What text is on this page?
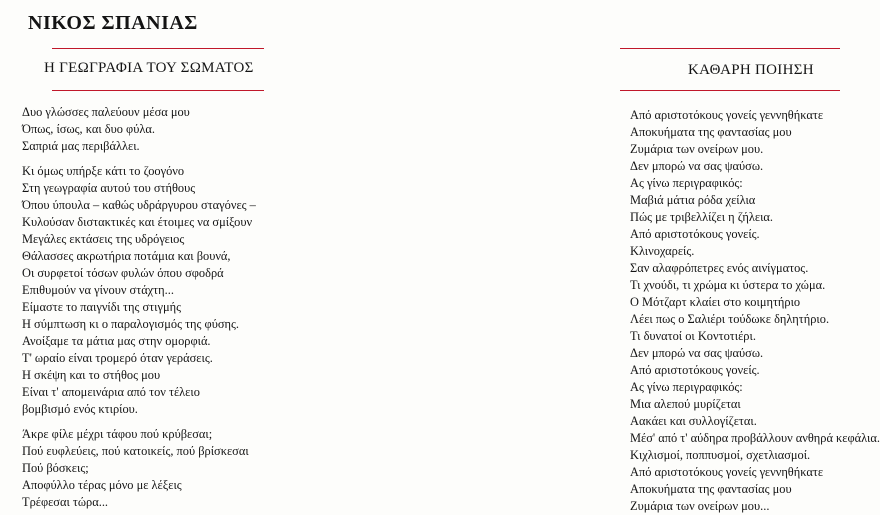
ΝΙΚΟΣ ΣΠΑΝΙΑΣ
Η ΓΕΩΓΡΑΦΙΑ ΤΟΥ ΣΩΜΑΤΟΣ
Δυο γλώσσες παλεύουν μέσα μου
Όπως, ίσως, και δυο φύλα.
Σαπριά μας περιβάλλει.
Κι όμως υπήρξε κάτι το ζοογόνο
Στη γεωγραφία αυτού του στήθους
Όπου ύπουλα – καθώς υδράργυρου σταγόνες –
Κυλούσαν διστακτικές και έτοιμες να σμίξουν
Μεγάλες εκτάσεις της υδρόγειος
Θάλασσες ακρωτήρια ποτάμια και βουνά,
Οι συρφετοί τόσων φυλών όπου σφοδρά
Επιθυμούν να γίνουν στάχτη...
Είμαστε το παιγνίδι της στιγμής
Η σύμπτωση κι ο παραλογισμός της φύσης.
Ανοίξαμε τα μάτια μας στην ομορφιά.
Τ' ωραίο είναι τρομερό όταν γεράσεις.
Η σκέψη και το στήθος μου
Είναι τ' απομεινάρια από τον τέλειο
βομβισμό ενός κτιρίου.
Άκρε φίλε μέχρι τάφου πού κρύβεσαι;
Πού ευφλεύεις, πού κατοικείς, πού βρίσκεσαι
Πού βόσκεις;
Αποφύλλο τέρας μόνο με λέξεις
Τρέφεσαι τώρα...
ΚΑΘΑΡΗ ΠΟΙΗΣΗ
Από αριστοτόκους γονείς γεννηθήκατε
Αποκυήματα της φαντασίας μου
Ζυμάρια των ονείρων μου.
Δεν μπορώ να σας ψαύσω.
Ας γίνω περιγραφικός:
Μαβιά μάτια ρόδα χείλια
Πώς με τριβελλίζει η ζήλεια.
Από αριστοτόκους γονείς.
Κλινοχαρείς.
Σαν αλαφρόπετρες ενός αινίγματος.
Τι χνούδι, τι χρώμα κι ύστερα το χώμα.
Ο Μότζαρτ κλαίει στο κοιμητήριο
Λέει πως ο Σαλιέρι τούδωκε δηλητήριο.
Τι δυνατοί οι Κοντοτιέρι.
Δεν μπορώ να σας ψαύσω.
Από αριστοτόκους γονείς.
Ας γίνω περιγραφικός:
Μια αλεπού μυρίζεται
Αακάει και συλλογίζεται.
Μέσ' από τ' αύδηρα προβάλλουν ανθηρά κεφάλια.
Κιχλισμοί, ποππυσμοί, σχετλιασμοί.
Από αριστοτόκους γονείς γεννηθήκατε
Αποκυήματα της φαντασίας μου
Ζυμάρια των ονείρων μου...
